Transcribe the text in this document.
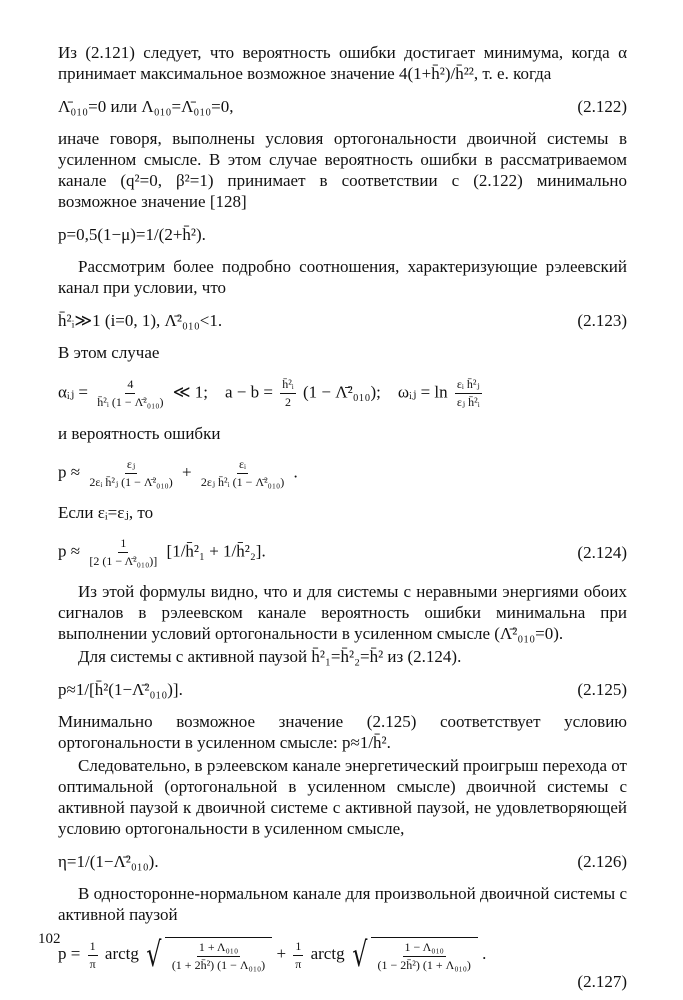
Из (2.121) следует, что вероятность ошибки достигает минимума, когда α принимает максимальное возможное значение 4(1+h̄²)/h̄²², т. е. когда

Λ̄₀₁₀=0 или Λ₀₁₀=Λ̄₀₁₀=0,	(2.122)

иначе говоря, выполнены условия ортогональности двоичной системы в усиленном смысле. В этом случае вероятность ошибки в рассматриваемом канале (q²=0, β²=1) принимает в соответствии с (2.122) минимально возможное значение [128]

p=0,5(1−μ)=1/(2+h̄²).

Рассмотрим более подробно соотношения, характеризующие рэлеевский канал при условии, что

h̄²ᵢ≫1 (i=0, 1), Λ̄²₀₁₀<1.	(2.123)

В этом случае

αᵢⱼ = $\frac{4}{\text{h̄²ᵢ (1 − Λ̄²₀₁₀)}}$ ≪ 1; $a - b = \frac{\text{h̄²ᵢ}}{2} (1$ − Λ̄²₀₁₀); ωᵢⱼ = $\ln \frac{\text{εᵢ h̄²ⱼ}}{\text{εⱼ h̄²ᵢ}}$

и вероятность ошибки

$p \approx \frac{\text{εⱼ}}{\text{2εᵢ h̄²ⱼ (1 − Λ̄²₀₁₀)}} + \frac{\text{εᵢ}}{\text{2εⱼ h̄²ᵢ (1 − Λ̄²₀₁₀)}}$ .

Если εᵢ=εⱼ, то

$p \approx \frac{1}{\text{[2 (1 − Λ̄²₀₁₀)]}}$ [1/h̄²₁ + 1/h̄²₂].	(2.124)

Из этой формулы видно, что и для системы с неравными энергиями обоих сигналов в рэлеевском канале вероятность ошибки минимальна при выполнении условий ортогональности в усиленном смысле (Λ̄²₀₁₀=0).

Для системы с активной паузой h̄²₁=h̄²₂=h̄² из (2.124).

p≈1/[h̄²(1−Λ̄²₀₁₀)].	(2.125)

Минимально возможное значение (2.125) соответствует условию ортогональности в усиленном смысле: p≈1/h̄².

Следовательно, в рэлеевском канале энергетический проигрыш перехода от оптимальной (ортогональной в усиленном смысле) двоичной системы с активной паузой к двоичной системе с активной паузой, не удовлетворяющей условию ортогональности в усиленном смысле,

η=1/(1−Λ̄²₀₁₀).	(2.126)

В односторонне-нормальном канале для произвольной двоичной системы с активной паузой

$p = \frac{1}{\pi}$ arctg √ $\frac{\text{1 + Λ₀₁₀}}{\text{(1 + 2h̄²) (1 − Λ₀₁₀)}} + \frac{1}{\pi}$ arctg √ $\frac{\text{1 − Λ₀₁₀}}{\text{(1 − 2h̄²) (1 + Λ₀₁₀)}}$ .
(2.127)
102
